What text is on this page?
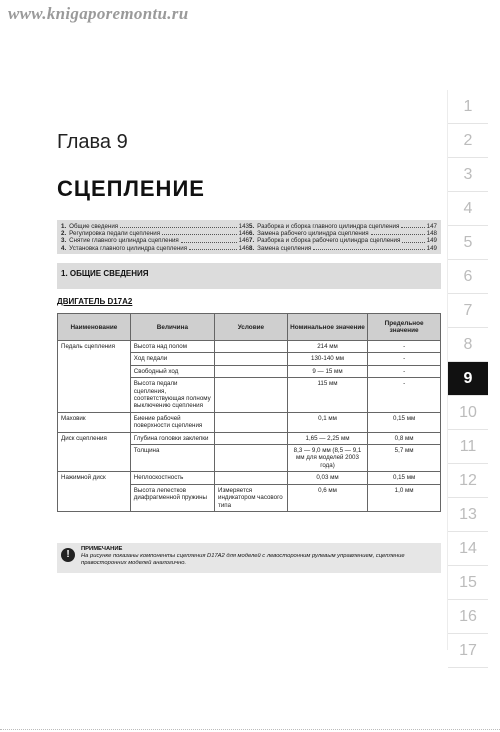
www.knigaporemontu.ru
Глава 9
СЦЕПЛЕНИЕ
1. Общие сведения	143
2. Регулировка педали сцепления	146
3. Снятие главного цилиндра сцепления	146
4. Установка главного цилиндра сцепления	146
5. Разборка и сборка главного цилиндра сцепления	147
6. Замена рабочего цилиндра сцепления	148
7. Разборка и сборка рабочего цилиндра сцепления	149
8. Замена сцепления	149
1. ОБЩИЕ СВЕДЕНИЯ
ДВИГАТЕЛЬ D17A2
Наименование	Величина	Условие	Номинальное значение	Предельное значение
Педаль сцепления	Высота над полом		214 мм	-
	Ход педали		130-140 мм	-
	Свободный ход		9 — 15 мм	-
	Высота педали сцепления, соответствующая полному выключению сцепления		115 мм	-
Маховик	Биение рабочей поверхности сцепления		0,1 мм	0,15 мм
Диск сцепления	Глубина головки заклепки		1,65 — 2,25 мм	0,8 мм
	Толщина		8,3 — 9,0 мм (8,5 — 9,1 мм для моделей 2003 года)	5,7 мм
Нажимной диск	Неплоскостность		0,03 мм	0,15 мм
	Высота лепестков диафрагменной пружины	Измеряется индикатором часового типа	0,6 мм	1,0 мм
!	ПРИМЕЧАНИЕ
На рисунке показаны компоненты сцепления D17A2 для моделей с левосторонним рулевым управлением, сцепление правосторонних моделей аналогично.
1
2
3
4
5
6
7
8
9
10
11
12
13
14
15
16
17
